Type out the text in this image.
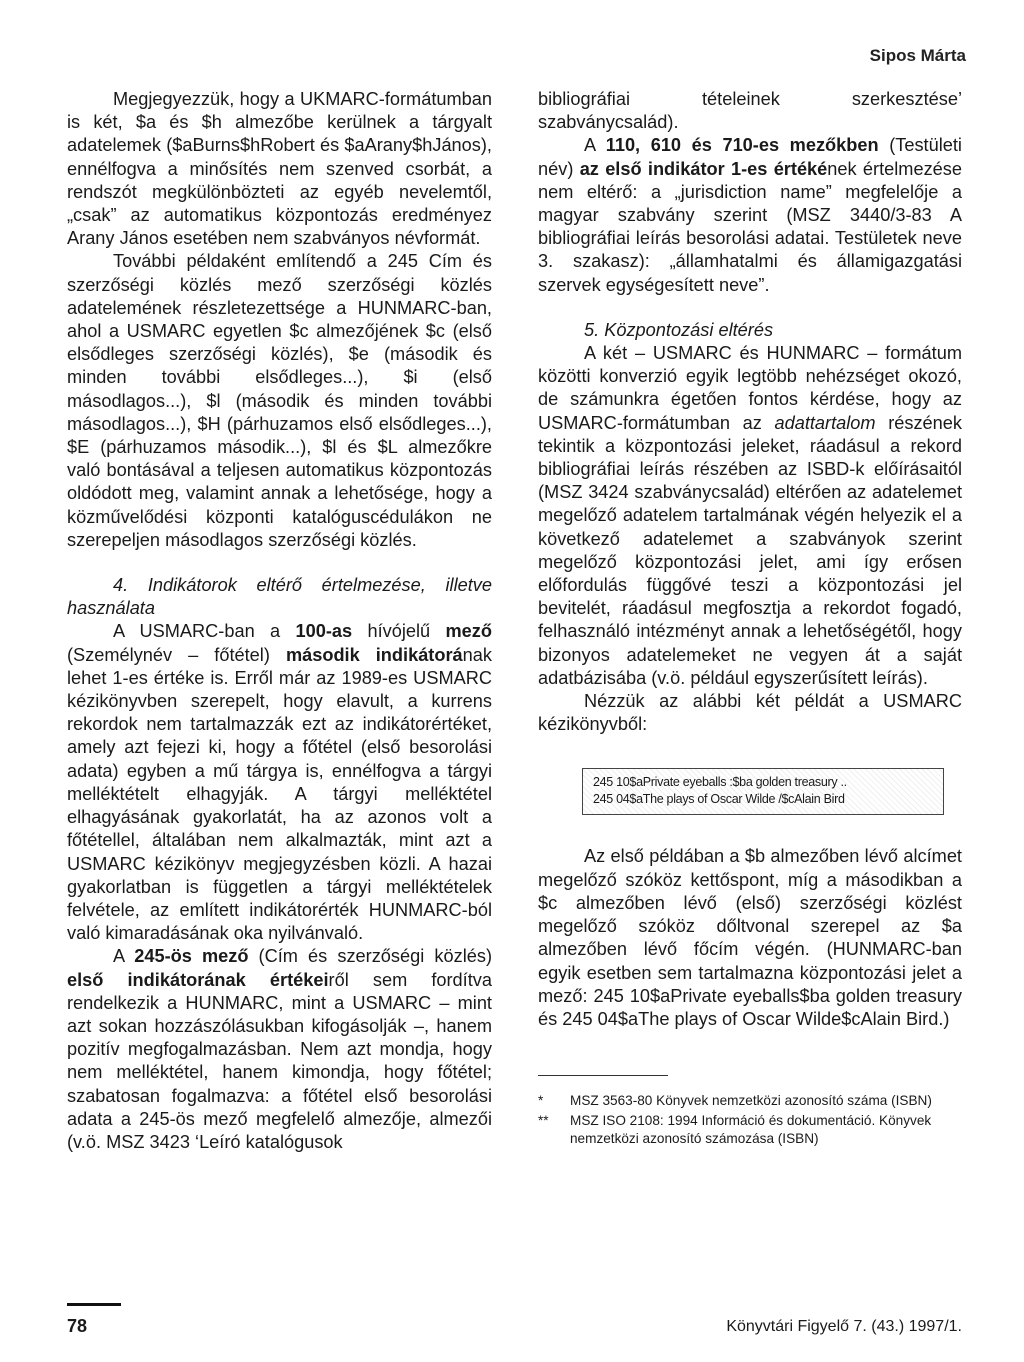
Sipos Márta

Megjegyezzük, hogy a UKMARC-formátumban is két, $a és $h almezőbe kerülnek a tárgyalt adatelemek ($aBurns$hRobert és $aArany$hJános), ennélfogva a minősítés nem szenved csorbát, a rendszót megkülönbözteti az egyéb nevelemtől, „csak” az automatikus központozás eredményez Arany János esetében nem szabványos névformát.

További példaként említendő a 245 Cím és szerzőségi közlés mező szerzőségi közlés adatelemének részletezettsége a HUNMARC-ban, ahol a USMARC egyetlen $c almezőjének $c (első elsődleges szerzőségi közlés), $e (második és minden további elsődleges...), $i (első másodlagos...), $l (második és minden további másodlagos...), $H (párhuzamos első elsődleges...), $E (párhuzamos második...), $l és $L almezőkre való bontásával a teljesen automatikus központozás oldódott meg, valamint annak a lehetősége, hogy a közművelődési központi katalóguscédulákon ne szerepeljen másodlagos szerzőségi közlés.

4. Indikátorok eltérő értelmezése, illetve használata

A USMARC-ban a 100-as hívójelű mező (Személynév – főtétel) második indikátorának lehet 1-es értéke is. Erről már az 1989-es USMARC kézikönyvben szerepelt, hogy elavult, a kurrens rekordok nem tartalmazzák ezt az indikátorértéket, amely azt fejezi ki, hogy a főtétel (első besorolási adata) egyben a mű tárgya is, ennélfogva a tárgyi melléktételt elhagyják. A tárgyi melléktétel elhagyásának gyakorlatát, ha az azonos volt a főtétellel, általában nem alkalmazták, mint azt a USMARC kézikönyv megjegyzésben közli. A hazai gyakorlatban is független a tárgyi melléktételek felvétele, az említett indikátorérték HUNMARC-ból való kimaradásának oka nyilvánvaló.

A 245-ös mező (Cím és szerzőségi közlés) első indikátorának értékeiről sem fordítva rendelkezik a HUNMARC, mint a USMARC – mint azt sokan hozzászólásukban kifogásolják –, hanem pozitív megfogalmazásban. Nem azt mondja, hogy nem melléktétel, hanem kimondja, hogy főtétel; szabatosan fogalmazva: a főtétel első besorolási adata a 245-ös mező megfelelő almezője, almezői (v.ö. MSZ 3423 ‘Leíró katalógusok

bibliográfiai tételeinek szerkesztése’ szabványcsalád).

A 110, 610 és 710-es mezőkben (Testületi név) az első indikátor 1-es értékének értelmezése nem eltérő: a „jurisdiction name” megfelelője a magyar szabvány szerint (MSZ 3440/3-83 A bibliográfiai leírás besorolási adatai. Testületek neve 3. szakasz): „államhatalmi és államigazgatási szervek egységesített neve”.

5. Központozási eltérés

A két – USMARC és HUNMARC – formátum közötti konverzió egyik legtöbb nehézséget okozó, de számunkra égetően fontos kérdése, hogy az USMARC-formátumban az adattartalom részének tekintik a központozási jeleket, ráadásul a rekord bibliográfiai leírás részében az ISBD-k előírásaitól (MSZ 3424 szabványcsalád) eltérően az adatelemet megelőző adatelem tartalmának végén helyezik el a következő adatelemet a szabványok szerint megelőző központozási jelet, ami így erősen előfordulás függővé teszi a központozási jel bevitelét, ráadásul megfosztja a rekordot fogadó, felhasználó intézményt annak a lehetőségétől, hogy bizonyos adatelemeket ne vegyen át a saját adatbázisába (v.ö. például egyszerűsített leírás).

Nézzük az alábbi két példát a USMARC kézikönyvből:

245 10$aPrivate eyeballs :$ba golden treasury ..
245 04$aThe plays of Oscar Wilde /$cAlain Bird

Az első példában a $b almezőben lévő alcímet megelőző szóköz kettőspont, míg a másodikban a $c almezőben lévő (első) szerzőségi közlést megelőző szóköz dőltvonal szerepel az $a almezőben lévő főcím végén. (HUNMARC-ban egyik esetben sem tartalmazna központozási jelet a mező: 245 10$aPrivate eyeballs$ba golden treasury és 245 04$aThe plays of Oscar Wilde$cAlain Bird.)

*	MSZ 3563-80 Könyvek nemzetközi azonosító száma (ISBN)
**	MSZ ISO 2108: 1994 Információ és dokumentáció. Könyvek nemzetközi azonosító számozása (ISBN)
78	Könyvtári Figyelő 7. (43.) 1997/1.
